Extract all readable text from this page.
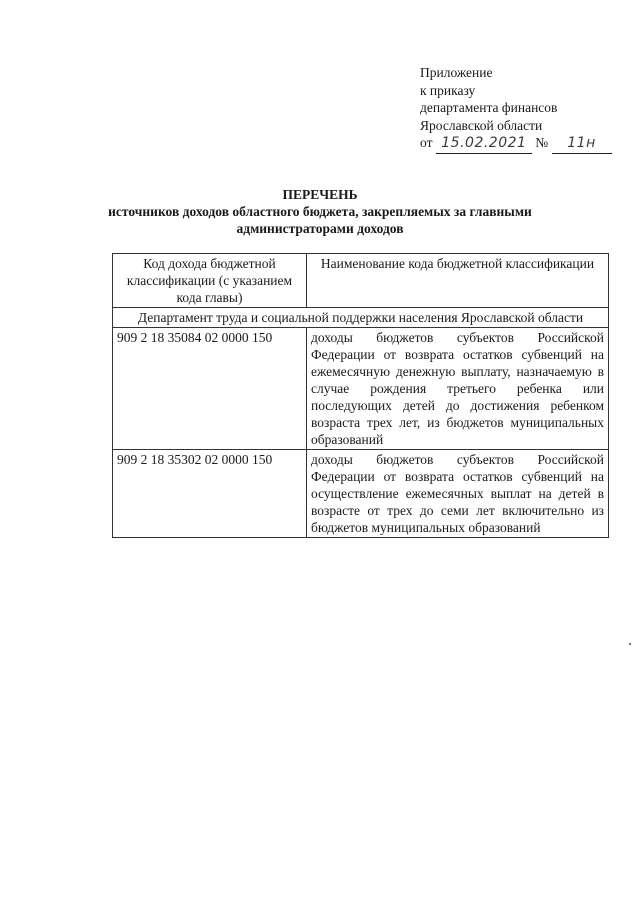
Приложение
к приказу
департамента финансов
Ярославской области
от 15.02.2021 № 11н
ПЕРЕЧЕНЬ
источников доходов областного бюджета, закрепляемых за главными администраторами доходов
Код дохода бюджетной классификации (с указанием кода главы)	Наименование кода бюджетной классификации
Департамент труда и социальной поддержки населения Ярославской области	
909 2 18 35084 02 0000 150	доходы бюджетов субъектов Российской Федерации от возврата остатков субвенций на ежемесячную денежную выплату, назначаемую в случае рождения третьего ребенка или последующих детей до достижения ребенком возраста трех лет, из бюджетов муниципальных образований
909 2 18 35302 02 0000 150	доходы бюджетов субъектов Российской Федерации от возврата остатков субвенций на осуществление ежемесячных выплат на детей в возрасте от трех до семи лет включительно из бюджетов муниципальных образований
